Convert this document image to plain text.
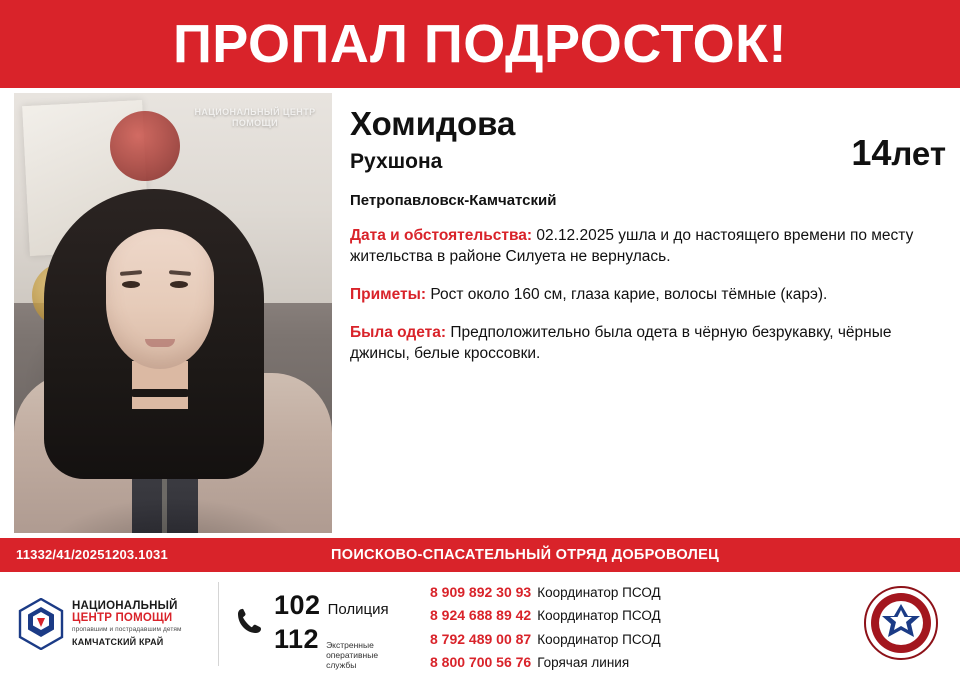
ПРОПАЛ ПОДРОСТОК!
НАЦИОНАЛЬНЫЙ ЦЕНТР ПОМОЩИ
14лет
Хомидова
Рухшона
Петропавловск-Камчатский
Дата и обстоятельства: 02.12.2025 ушла и до настоящего времени по месту жительства в районе Силуета не вернулась.
Приметы: Рост около 160 см, глаза карие, волосы тёмные (карэ).
Была одета: Предположительно была одета в чёрную безрукавку, чёрные джинсы, белые кроссовки.
11332/41/20251203.1031	ПОИСКОВО-СПАСАТЕЛЬНЫЙ ОТРЯД ДОБРОВОЛЕЦ
НАЦИОНАЛЬНЫЙ
ЦЕНТР ПОМОЩИ
пропавшим и пострадавшим детям
КАМЧАТСКИЙ КРАЙ
102 Полиция
112 Экстренные оперативные службы
8 909 892 30 93 Координатор ПСОД
8 924 688 89 42 Координатор ПСОД
8 792 489 00 87 Координатор ПСОД
8 800 700 56 76 Горячая линия
